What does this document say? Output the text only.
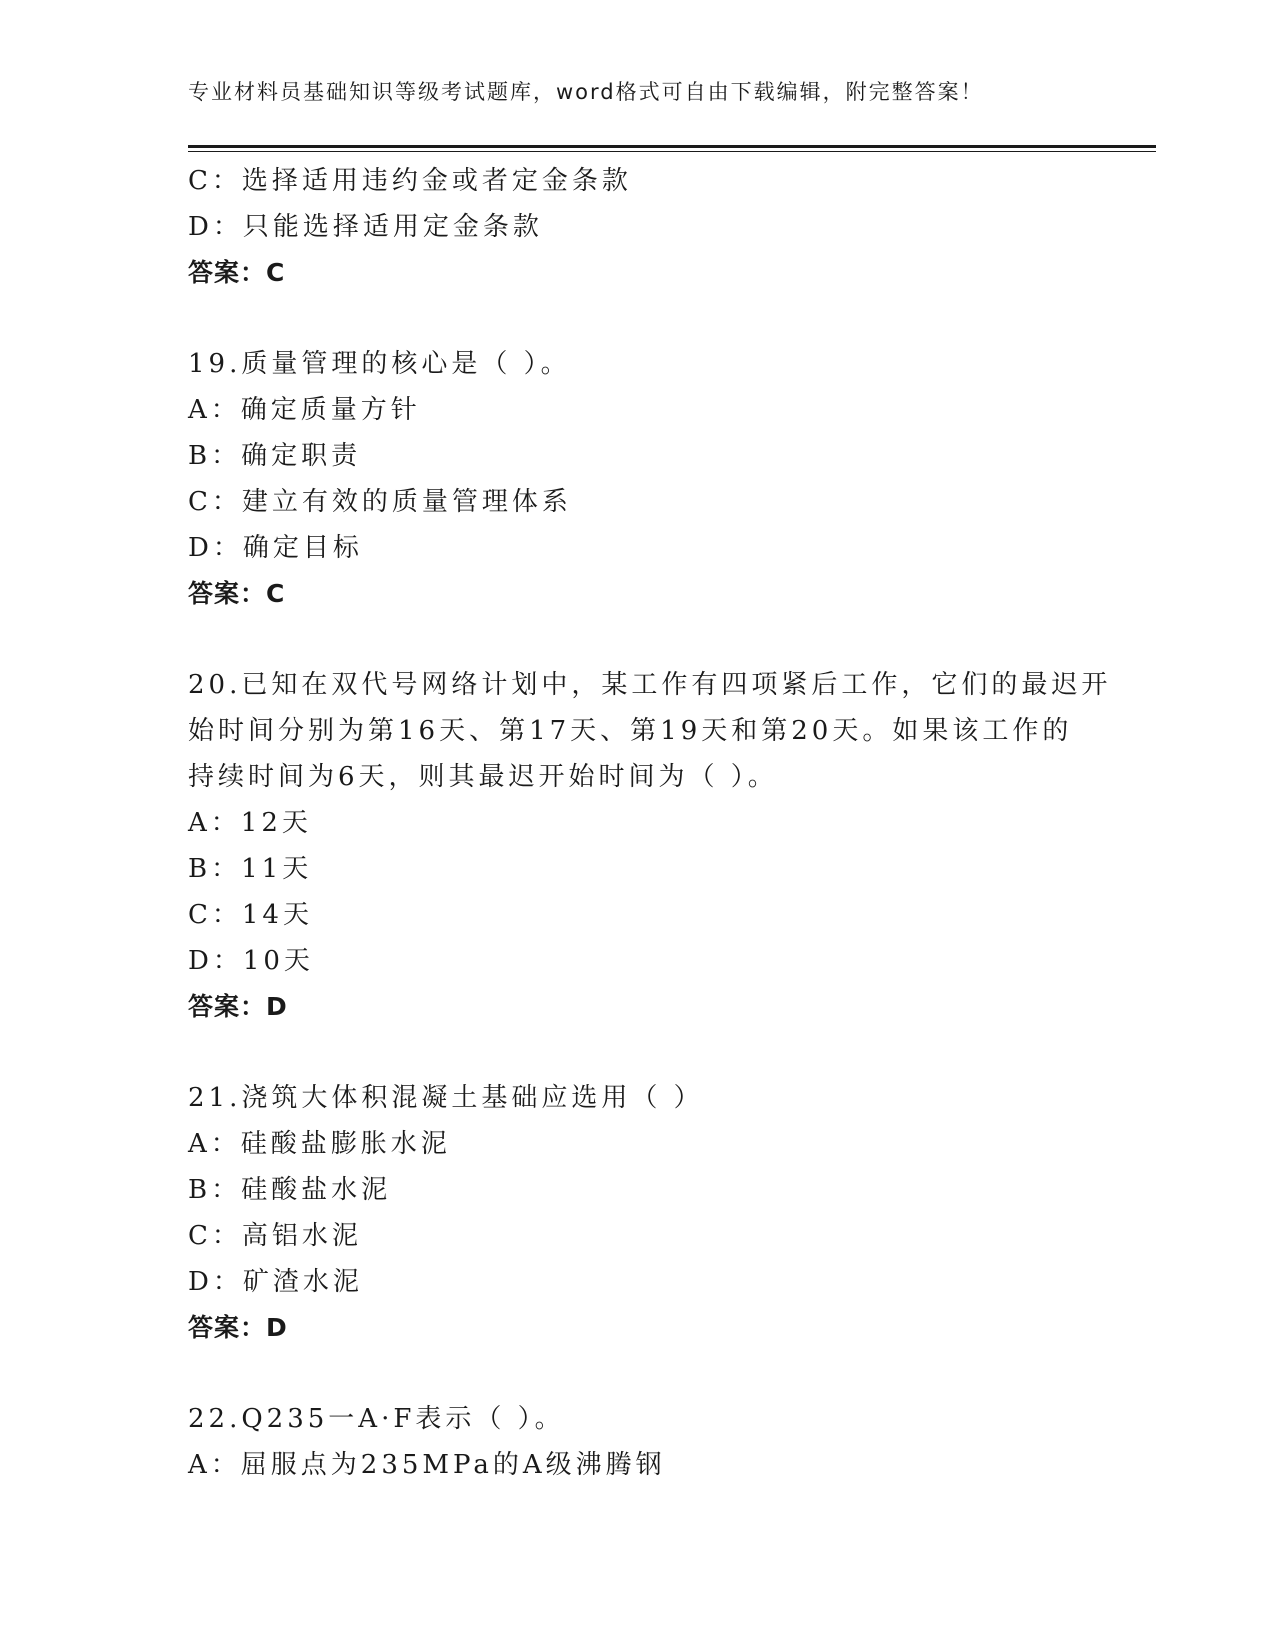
专业材料员基础知识等级考试题库，word格式可自由下载编辑，附完整答案！
C：选择适用违约金或者定金条款
D：只能选择适用定金条款
答案：C
19.质量管理的核心是（ ）。
A：确定质量方针
B：确定职责
C：建立有效的质量管理体系
D：确定目标
答案：C
20.已知在双代号网络计划中，某工作有四项紧后工作，它们的最迟开
始时间分别为第16天、第17天、第19天和第20天。如果该工作的
持续时间为6天，则其最迟开始时间为（ ）。
A：12天
B：11天
C：14天
D：10天
答案：D
21.浇筑大体积混凝土基础应选用（ ）
A：硅酸盐膨胀水泥
B：硅酸盐水泥
C：高铝水泥
D：矿渣水泥
答案：D
22.Q235一A·F表示（ ）。
A：屈服点为235MPa的A级沸腾钢
